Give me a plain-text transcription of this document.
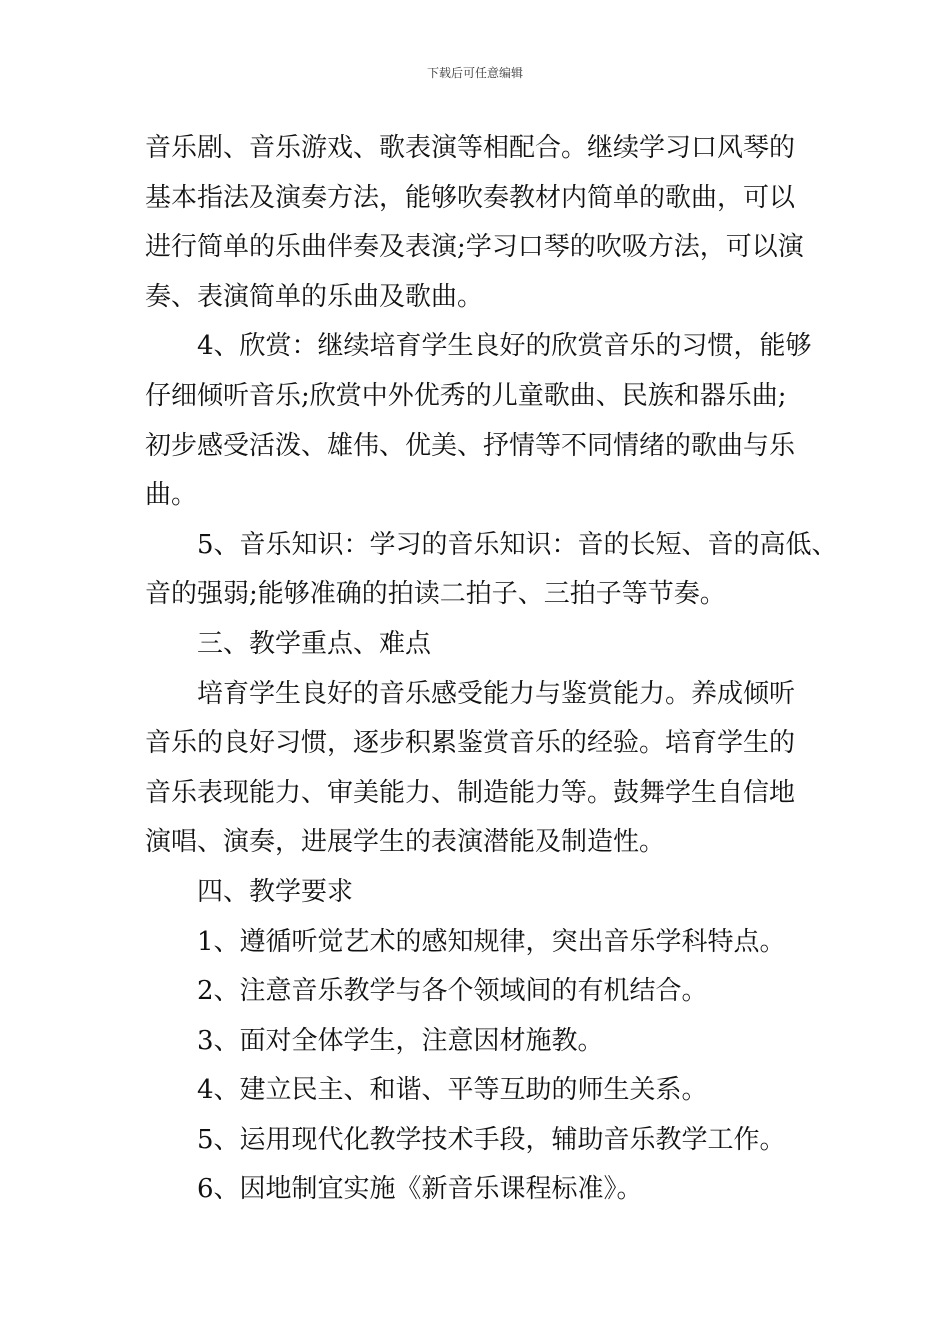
下载后可任意编辑

音乐剧、音乐游戏、歌表演等相配合。继续学习口风琴的

基本指法及演奏方法，能够吹奏教材内简单的歌曲，可以

进行简单的乐曲伴奏及表演;学习口琴的吹吸方法，可以演

奏、表演简单的乐曲及歌曲。

　　4、欣赏：继续培育学生良好的欣赏音乐的习惯，能够

仔细倾听音乐;欣赏中外优秀的儿童歌曲、民族和器乐曲;

初步感受活泼、雄伟、优美、抒情等不同情绪的歌曲与乐

曲。

　　5、音乐知识：学习的音乐知识：音的长短、音的高低、

音的强弱;能够准确的拍读二拍子、三拍子等节奏。

　　三、教学重点、难点

　　培育学生良好的音乐感受能力与鉴赏能力。养成倾听

音乐的良好习惯，逐步积累鉴赏音乐的经验。培育学生的

音乐表现能力、审美能力、制造能力等。鼓舞学生自信地

演唱、演奏，进展学生的表演潜能及制造性。

　　四、教学要求

　　1、遵循听觉艺术的感知规律，突出音乐学科特点。

　　2、注意音乐教学与各个领域间的有机结合。

　　3、面对全体学生，注意因材施教。

　　4、建立民主、和谐、平等互助的师生关系。

　　5、运用现代化教学技术手段，辅助音乐教学工作。

　　6、因地制宜实施《新音乐课程标准》。
